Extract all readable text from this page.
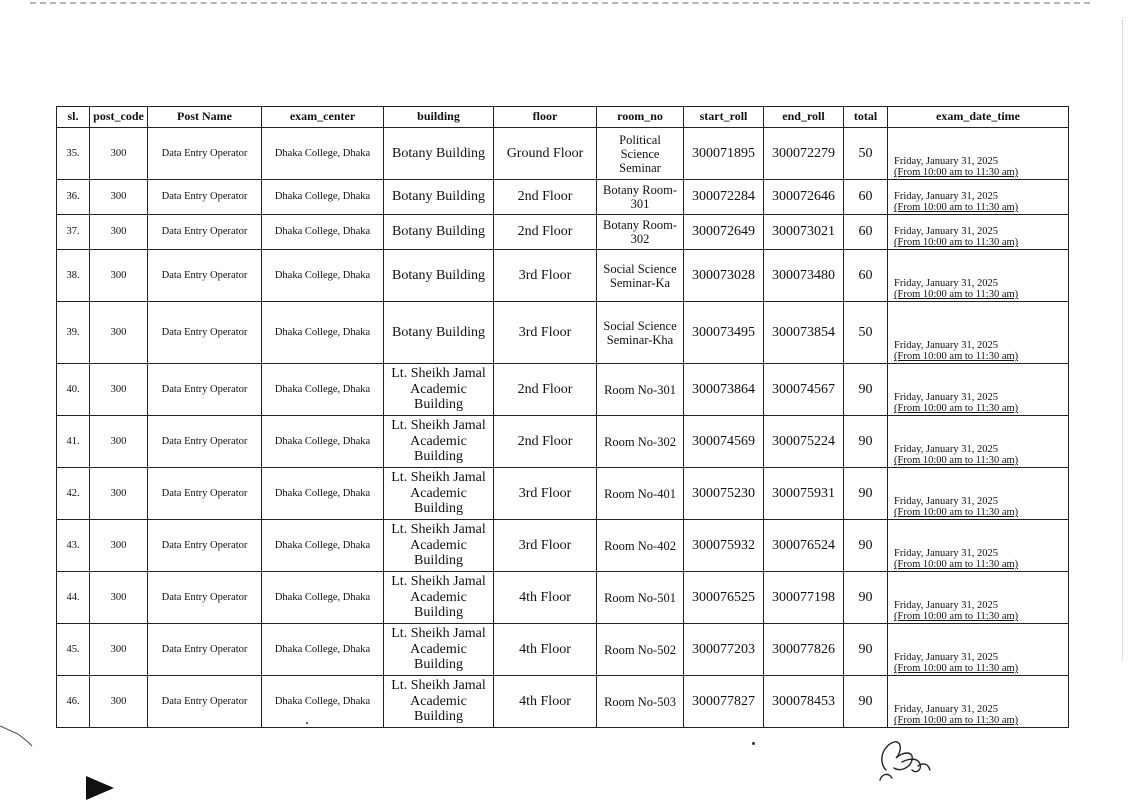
sl.	post_code	Post Name	exam_center	building	floor	room_no	start_roll	end_roll	total	exam_date_time
35.	300	Data Entry Operator	Dhaka College, Dhaka	Botany Building	Ground Floor	Political Science Seminar	300071895	300072279	50	Friday, January 31, 2025
(From 10:00 am to 11:30 am)

36.	300	Data Entry Operator	Dhaka College, Dhaka	Botany Building	2nd Floor	Botany Room- 301	300072284	300072646	60	Friday, January 31, 2025
(From 10:00 am to 11:30 am)

37.	300	Data Entry Operator	Dhaka College, Dhaka	Botany Building	2nd Floor	Botany Room- 302	300072649	300073021	60	Friday, January 31, 2025
(From 10:00 am to 11:30 am)

38.	300	Data Entry Operator	Dhaka College, Dhaka	Botany Building	3rd Floor	Social Science Seminar-Ka	300073028	300073480	60	Friday, January 31, 2025
(From 10:00 am to 11:30 am)

39.	300	Data Entry Operator	Dhaka College, Dhaka	Botany Building	3rd Floor	Social Science Seminar-Kha	300073495	300073854	50	Friday, January 31, 2025
(From 10:00 am to 11:30 am)

40.	300	Data Entry Operator	Dhaka College, Dhaka	Lt. Sheikh Jamal Academic Building	2nd Floor	Room No-301	300073864	300074567	90	Friday, January 31, 2025
(From 10:00 am to 11:30 am)

41.	300	Data Entry Operator	Dhaka College, Dhaka	Lt. Sheikh Jamal Academic Building	2nd Floor	Room No-302	300074569	300075224	90	Friday, January 31, 2025
(From 10:00 am to 11:30 am)

42.	300	Data Entry Operator	Dhaka College, Dhaka	Lt. Sheikh Jamal Academic Building	3rd Floor	Room No-401	300075230	300075931	90	Friday, January 31, 2025
(From 10:00 am to 11:30 am)

43.	300	Data Entry Operator	Dhaka College, Dhaka	Lt. Sheikh Jamal Academic Building	3rd Floor	Room No-402	300075932	300076524	90	Friday, January 31, 2025
(From 10:00 am to 11:30 am)

44.	300	Data Entry Operator	Dhaka College, Dhaka	Lt. Sheikh Jamal Academic Building	4th Floor	Room No-501	300076525	300077198	90	Friday, January 31, 2025
(From 10:00 am to 11:30 am)

45.	300	Data Entry Operator	Dhaka College, Dhaka	Lt. Sheikh Jamal Academic Building	4th Floor	Room No-502	300077203	300077826	90	Friday, January 31, 2025
(From 10:00 am to 11:30 am)

46.	300	Data Entry Operator	Dhaka College, Dhaka	Lt. Sheikh Jamal Academic Building	4th Floor	Room No-503	300077827	300078453	90	Friday, January 31, 2025
(From 10:00 am to 11:30 am)
